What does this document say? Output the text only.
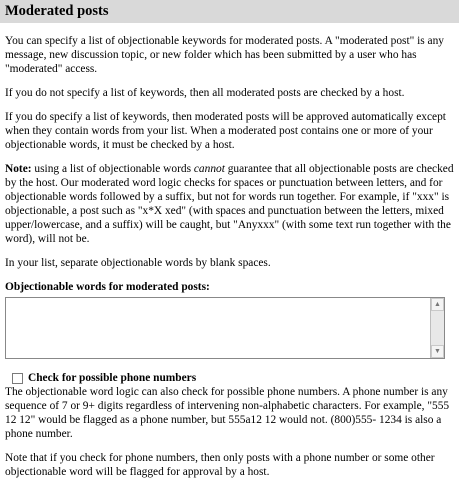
Moderated posts

You can specify a list of objectionable keywords for moderated posts. A "moderated post" is any message, new discussion topic, or new folder which has been submitted by a user who has "moderated" access.

If you do not specify a list of keywords, then all moderated posts are checked by a host.

If you do specify a list of keywords, then moderated posts will be approved automatically except when they contain words from your list. When a moderated post contains one or more of your objectionable words, it must be checked by a host.

Note: using a list of objectionable words cannot guarantee that all objectionable posts are checked by the host. Our moderated word logic checks for spaces or punctuation between letters, and for objectionable words followed by a suffix, but not for words run together. For example, if "xxx" is objectionable, a post such as "x*X xed" (with spaces and punctuation between the letters, mixed upper/lowercase, and a suffix) will be caught, but "Anyxxx" (with some text run together with the word), will not be.

In your list, separate objectionable words by blank spaces.

Objectionable words for moderated posts:
▲
▼
Check for possible phone numbers

The objectionable word logic can also check for possible phone numbers. A phone number is any sequence of 7 or 9+ digits regardless of intervening non-alphabetic characters. For example, "555 12 12" would be flagged as a phone number, but 555a12 12 would not. (800)555- 1234 is also a phone number.

Note that if you check for phone numbers, then only posts with a phone number or some other objectionable word will be flagged for approval by a host.
